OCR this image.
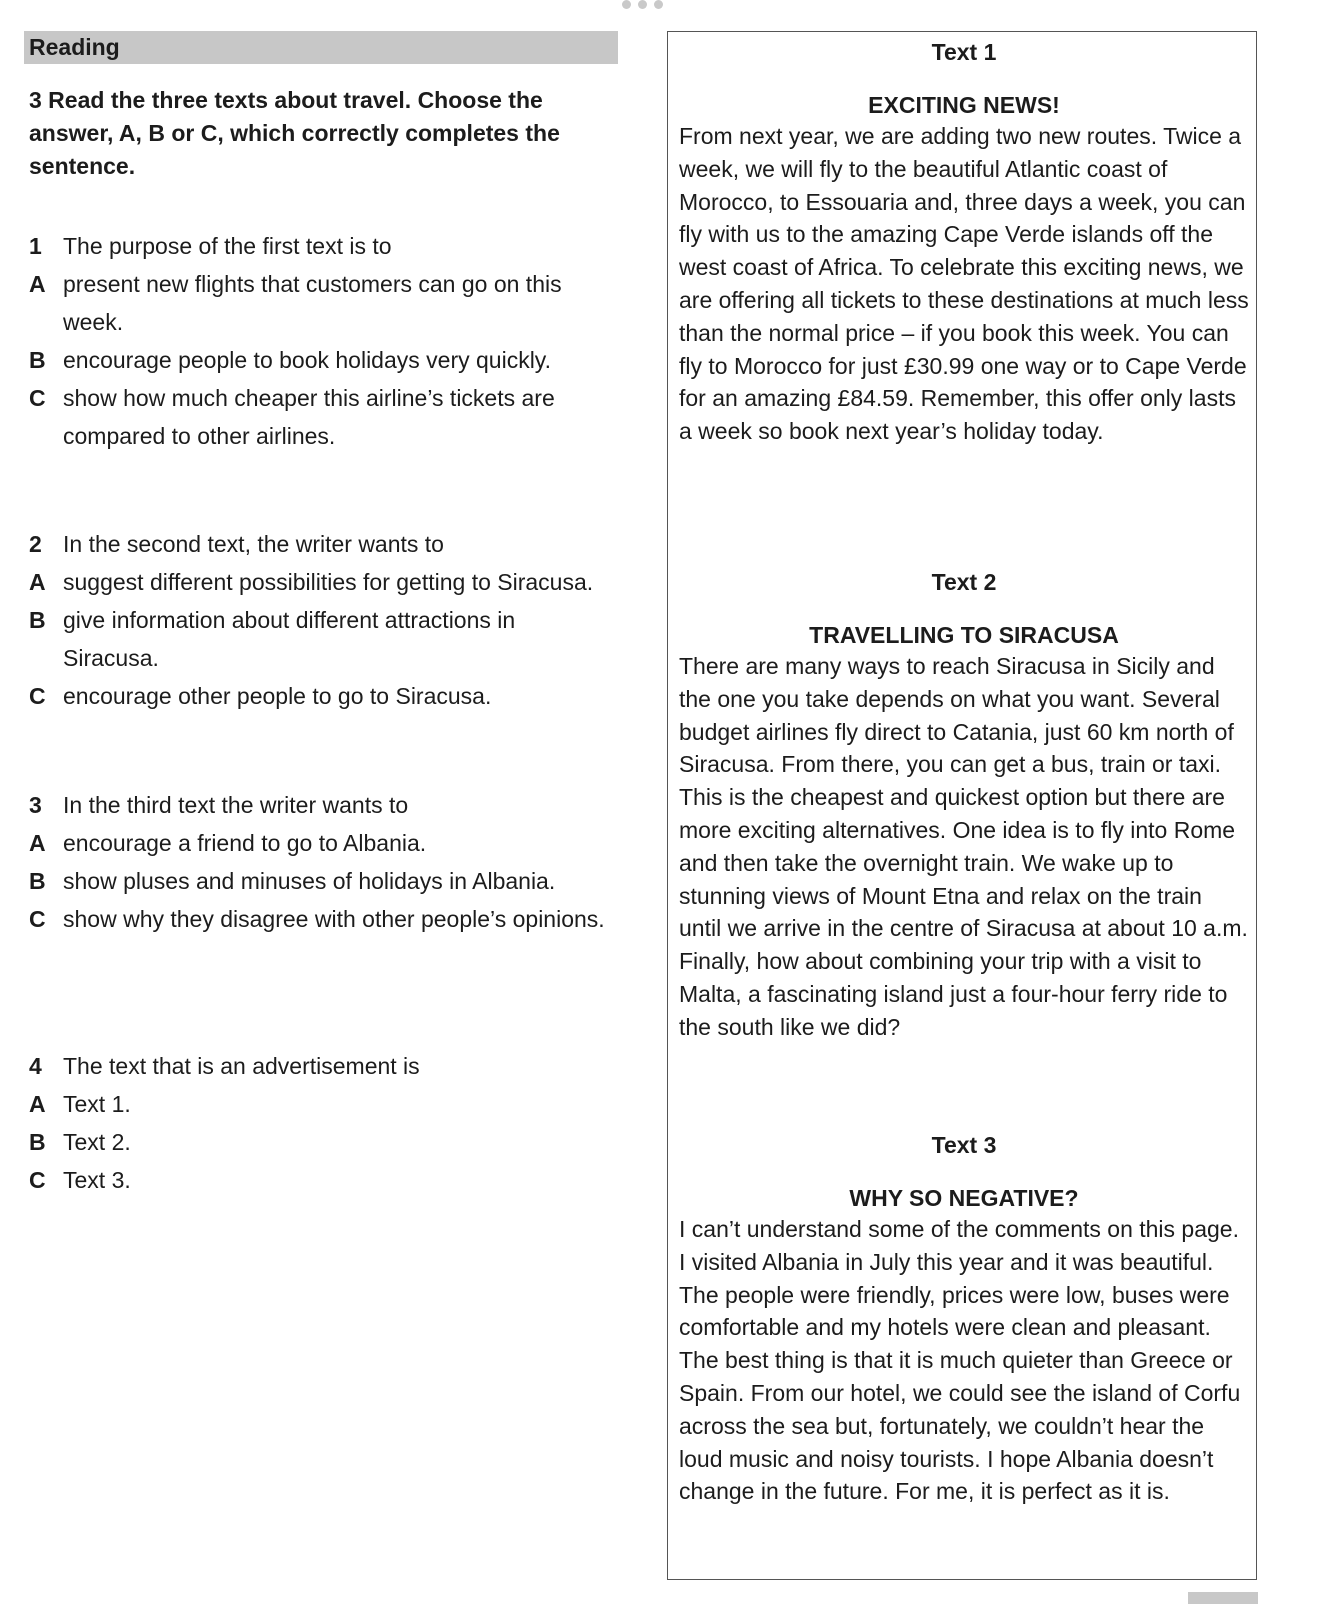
Reading
3 Read the three texts about travel. Choose the answer, A, B or C, which correctly completes the sentence.
1 The purpose of the first text is to
A present new flights that customers can go on this week.
B encourage people to book holidays very quickly.
C show how much cheaper this airline’s tickets are compared to other airlines.
2 In the second text, the writer wants to
A suggest different possibilities for getting to Siracusa.
B give information about different attractions in Siracusa.
C encourage other people to go to Siracusa.
3 In the third text the writer wants to
A encourage a friend to go to Albania.
B show pluses and minuses of holidays in Albania.
C show why they disagree with other people’s opinions.
4 The text that is an advertisement is
A Text 1.
B Text 2.
C Text 3.
Text 1
EXCITING NEWS!
From next year, we are adding two new routes. Twice a week, we will fly to the beautiful Atlantic coast of Morocco, to Essouaria and, three days a week, you can fly with us to the amazing Cape Verde islands off the west coast of Africa. To celebrate this exciting news, we are offering all tickets to these destinations at much less than the normal price – if you book this week. You can fly to Morocco for just £30.99 one way or to Cape Verde for an amazing £84.59. Remember, this offer only lasts a week so book next year’s holiday today.
Text 2
TRAVELLING TO SIRACUSA
There are many ways to reach Siracusa in Sicily and the one you take depends on what you want. Several budget airlines fly direct to Catania, just 60 km north of Siracusa. From there, you can get a bus, train or taxi. This is the cheapest and quickest option but there are more exciting alternatives. One idea is to fly into Rome and then take the overnight train. We wake up to stunning views of Mount Etna and relax on the train until we arrive in the centre of Siracusa at about 10 a.m. Finally, how about combining your trip with a visit to Malta, a fascinating island just a four-hour ferry ride to the south like we did?
Text 3
WHY SO NEGATIVE?
I can’t understand some of the comments on this page. I visited Albania in July this year and it was beautiful. The people were friendly, prices were low, buses were comfortable and my hotels were clean and pleasant. The best thing is that it is much quieter than Greece or Spain. From our hotel, we could see the island of Corfu across the sea but, fortunately, we couldn’t hear the loud music and noisy tourists. I hope Albania doesn’t change in the future. For me, it is perfect as it is.
